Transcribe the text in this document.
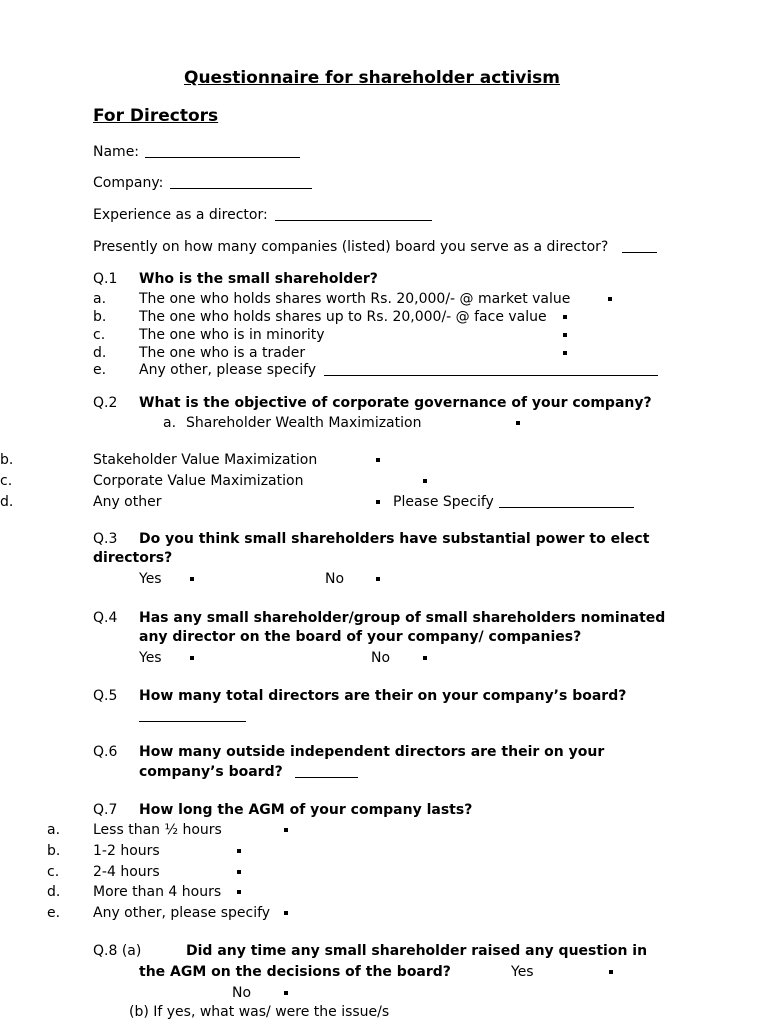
Questionnaire for shareholder activism
For Directors
Name:
Company:
Experience as a director:
Presently on how many companies (listed) board you serve as a director?
Q.1 Who is the small shareholder?
a. The one who holds shares worth Rs. 20,000/- @ market value
b. The one who holds shares up to Rs. 20,000/- @ face value
c. The one who is in minority
d. The one who is a trader
e. Any other, please specify
Q.2 What is the objective of corporate governance of your company?
a. Shareholder Wealth Maximization
b.	Stakeholder Value Maximization
c.	Corporate Value Maximization
d.	Any other	Please Specify
Q.3 Do you think small shareholders have substantial power to elect
directors?
Yes	No
Q.4 Has any small shareholder/group of small shareholders nominated
any director on the board of your company/ companies?
Yes	No
Q.5 How many total directors are their on your company’s board?
Q.6 How many outside independent directors are their on your
company’s board?
Q.7 How long the AGM of your company lasts?
a. Less than ½ hours
b. 1-2 hours
c. 2-4 hours
d. More than 4 hours
e. Any other, please specify
Q.8 (a)	Did any time any small shareholder raised any question in
the AGM on the decisions of the board?	Yes
No
(b) If yes, what was/ were the issue/s
